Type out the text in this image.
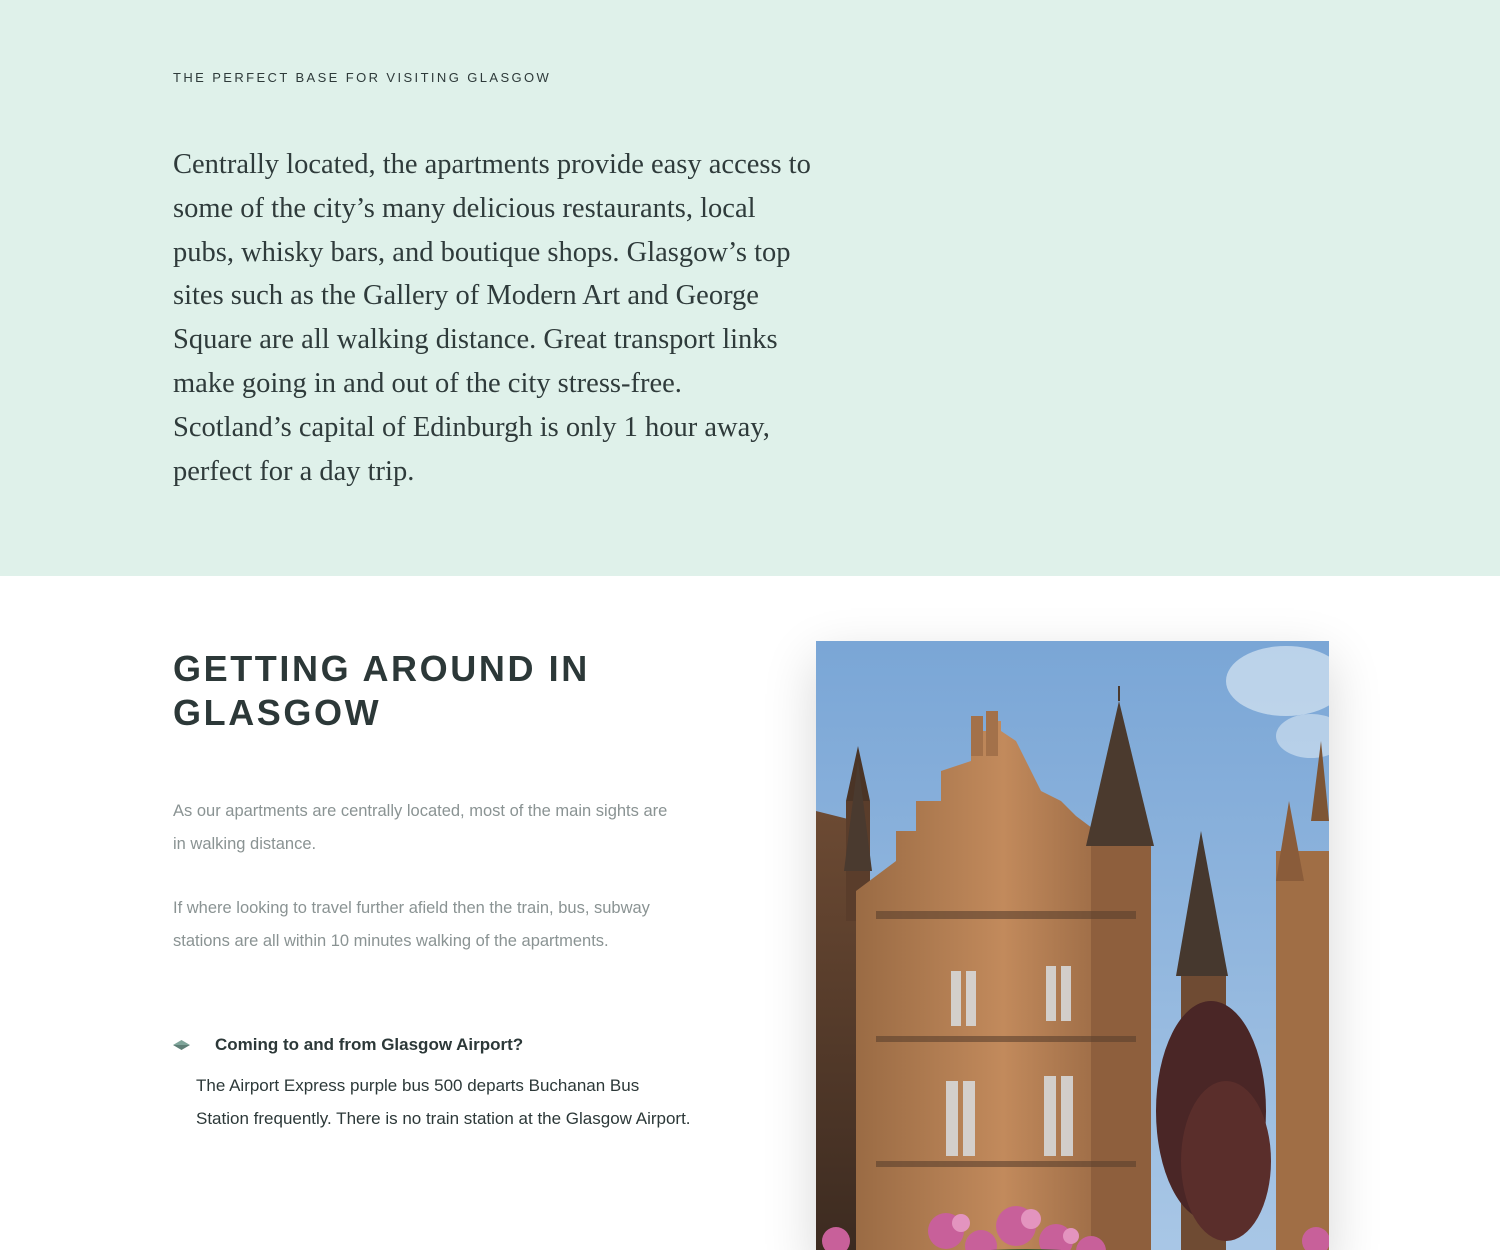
THE PERFECT BASE FOR VISITING GLASGOW

Centrally located, the apartments provide easy access to some of the city’s many delicious restaurants, local pubs, whisky bars, and boutique shops. Glasgow’s top sites such as the Gallery of Modern Art and George Square are all walking distance. Great transport links make going in and out of the city stress-free.

Scotland’s capital of Edinburgh is only 1 hour away, perfect for a day trip.

GETTING AROUND IN GLASGOW

As our apartments are centrally located, most of the main sights are in walking distance.

If where looking to travel further afield then the train, bus, subway stations are all within 10 minutes walking of the apartments.

Coming to and from Glasgow Airport?

The Airport Express purple bus 500 departs Buchanan Bus Station frequently. There is no train station at the Glasgow Airport.
